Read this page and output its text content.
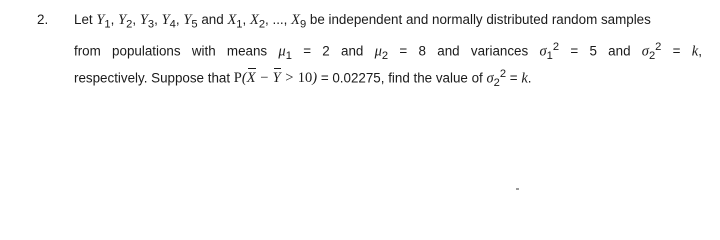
2. Let $Y_1$, $Y_2$, $Y_3$, $Y_4$, $Y_5$ and $X_1$, $X_2$, ..., $X_9$ be independent and normally distributed random samples
from populations with means $\mu_1 = 2$ and $\mu_2 = 8$ and variances $\sigma_1^2 = 5$ and $\sigma_2^2 = k$,
respectively. Suppose that P(X − Y > 10) = 0.02275, find the value of $\sigma_2^2 = k$.
